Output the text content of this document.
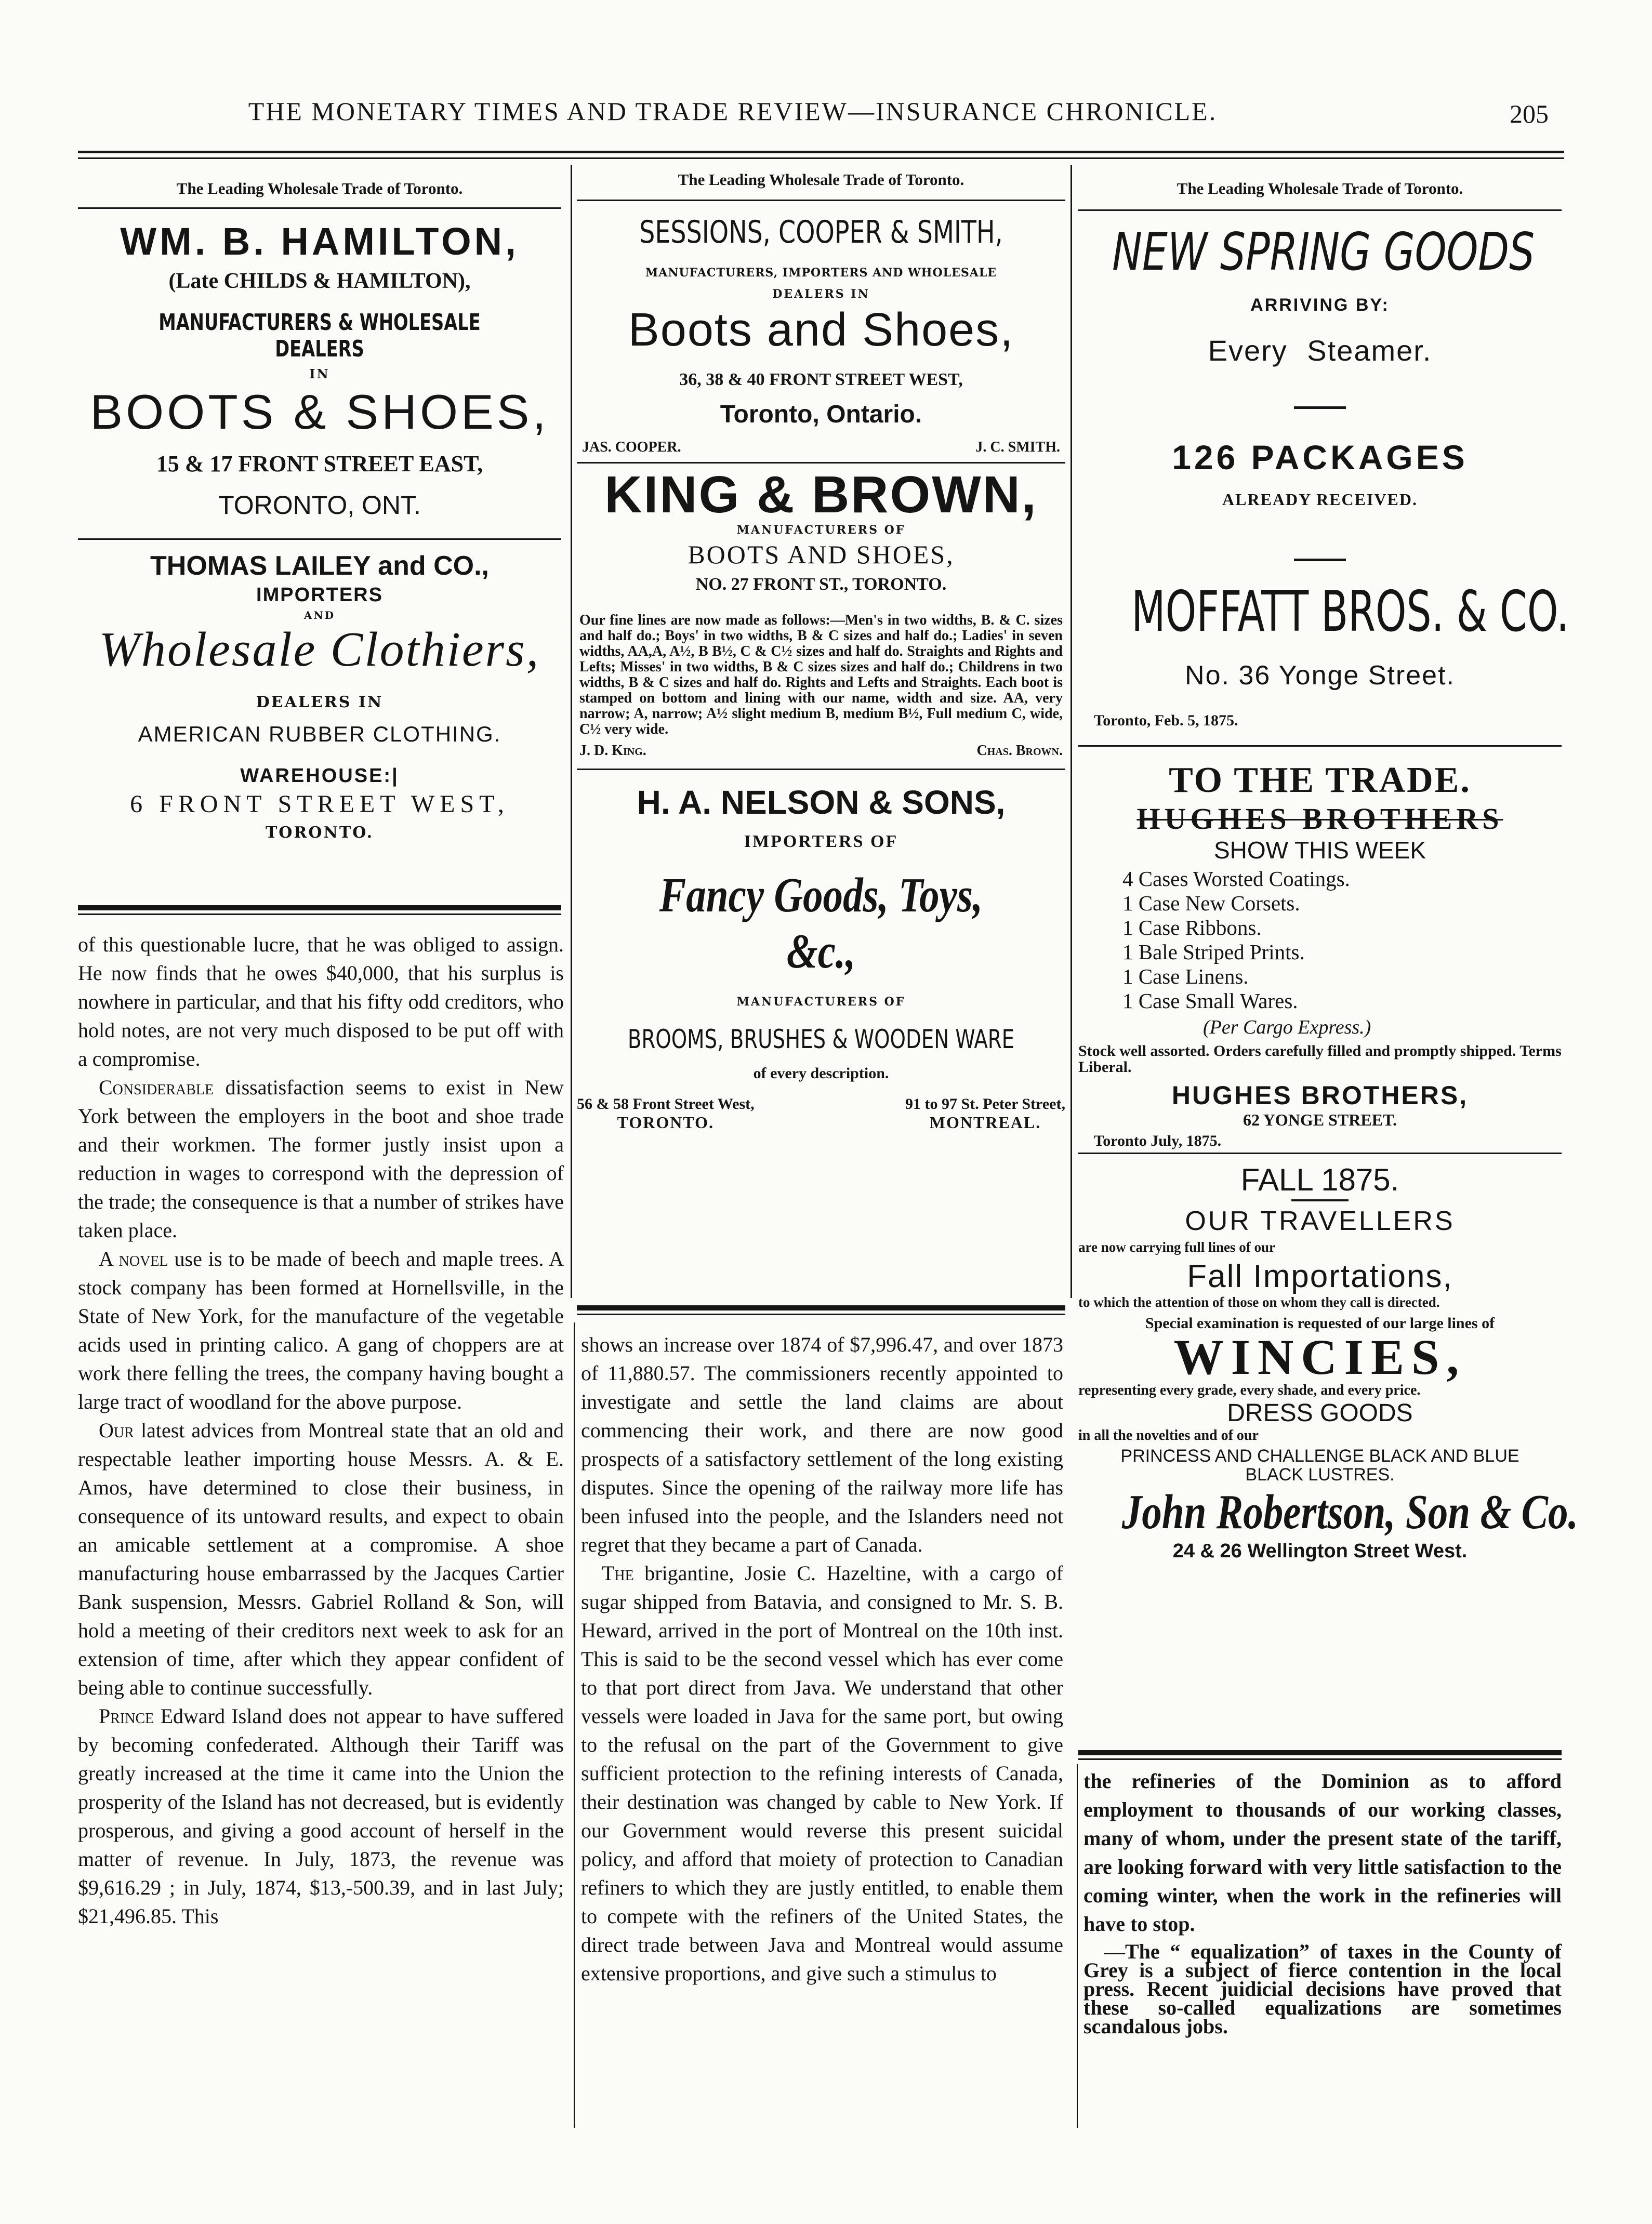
THE MONETARY TIMES AND TRADE REVIEW—INSURANCE CHRONICLE.	205
The Leading Wholesale Trade of Toronto.
WM. B. HAMILTON,
(Late CHILDS & HAMILTON),
MANUFACTURERS & WHOLESALE DEALERS
IN
BOOTS & SHOES,
15 & 17 FRONT STREET EAST,
TORONTO, ONT.
THOMAS LAILEY and CO.,
IMPORTERS
AND
Wholesale Clothiers,
DEALERS IN
AMERICAN RUBBER CLOTHING.
WAREHOUSE:|
6 FRONT STREET WEST,
TORONTO.

of this questionable lucre, that he was obliged to assign. He now finds that he owes $40,000, that his surplus is nowhere in particular, and that his fifty odd creditors, who hold notes, are not very much disposed to be put off with a compromise.

Considerable dissatisfaction seems to exist in New York between the employers in the boot and shoe trade and their workmen. The former justly insist upon a reduction in wages to correspond with the depression of the trade; the consequence is that a number of strikes have taken place.

A novel use is to be made of beech and maple trees. A stock company has been formed at Hornellsville, in the State of New York, for the manufacture of the vegetable acids used in printing calico. A gang of choppers are at work there felling the trees, the company having bought a large tract of woodland for the above purpose.

Our latest advices from Montreal state that an old and respectable leather importing house Messrs. A. & E. Amos, have determined to close their business, in consequence of its untoward results, and expect to obain an amicable settlement at a compromise. A shoe manufacturing house embarrassed by the Jacques Cartier Bank suspension, Messrs. Gabriel Rolland & Son, will hold a meeting of their creditors next week to ask for an extension of time, after which they appear confident of being able to continue successfully.

Prince Edward Island does not appear to have suffered by becoming confederated. Although their Tariff was greatly increased at the time it came into the Union the prosperity of the Island has not decreased, but is evidently prosperous, and giving a good account of herself in the matter of revenue. In July, 1873, the revenue was $9,616.29 ; in July, 1874, $13,-500.39, and in last July; $21,496.85. This

The Leading Wholesale Trade of Toronto.
SESSIONS, COOPER & SMITH,
MANUFACTURERS, IMPORTERS AND WHOLESALE
DEALERS IN
Boots and Shoes,
36, 38 & 40 FRONT STREET WEST,
Toronto, Ontario.
JAS. COOPER.	J. C. SMITH.
KING & BROWN,
MANUFACTURERS OF
BOOTS AND SHOES,
NO. 27 FRONT ST., TORONTO.
Our fine lines are now made as follows:—Men's in two widths, B. & C. sizes and half do.; Boys' in two widths, B & C sizes and half do.; Ladies' in seven widths, AA,A, A½, B B½, C & C½ sizes and half do. Straights and Rights and Lefts; Misses' in two widths, B & C sizes sizes and half do.; Childrens in two widths, B & C sizes and half do. Rights and Lefts and Straights. Each boot is stamped on bottom and lining with our name, width and size. AA, very narrow; A, narrow; A½ slight medium B, medium B½, Full medium C, wide, C½ very wide.
J. D. King.	Chas. Brown.
H. A. NELSON & SONS,
IMPORTERS OF
Fancy Goods, Toys, &c.,
MANUFACTURERS OF
BROOMS, BRUSHES & WOODEN WARE
of every description.
56 & 58 Front Street West,
TORONTO.
91 to 97 St. Peter Street,
MONTREAL.

shows an increase over 1874 of $7,996.47, and over 1873 of 11,880.57. The commissioners recently appointed to investigate and settle the land claims are about commencing their work, and there are now good prospects of a satisfactory settlement of the long existing disputes. Since the opening of the railway more life has been infused into the people, and the Islanders need not regret that they became a part of Canada.

The brigantine, Josie C. Hazeltine, with a cargo of sugar shipped from Batavia, and consigned to Mr. S. B. Heward, arrived in the port of Montreal on the 10th inst. This is said to be the second vessel which has ever come to that port direct from Java. We understand that other vessels were loaded in Java for the same port, but owing to the refusal on the part of the Government to give sufficient protection to the refining interests of Canada, their destination was changed by cable to New York. If our Government would reverse this present suicidal policy, and afford that moiety of protection to Canadian refiners to which they are justly entitled, to enable them to compete with the refiners of the United States, the direct trade between Java and Montreal would assume extensive proportions, and give such a stimulus to

The Leading Wholesale Trade of Toronto.
NEW SPRING GOODS
ARRIVING BY:
Every Steamer.
126 PACKAGES
ALREADY RECEIVED.
MOFFATT BROS. & CO.
No. 36 Yonge Street.
Toronto, Feb. 5, 1875.
TO THE TRADE.
HUGHES BROTHERS
SHOW THIS WEEK
4 Cases Worsted Coatings.
1 Case New Corsets.
1 Case Ribbons.
1 Bale Striped Prints.
1 Case Linens.
1 Case Small Wares.
(Per Cargo Express.)
Stock well assorted. Orders carefully filled and promptly shipped. Terms Liberal.
HUGHES BROTHERS,
62 YONGE STREET.
Toronto July, 1875.
FALL 1875.
OUR TRAVELLERS
are now carrying full lines of our
Fall Importations,
to which the attention of those on whom they call is directed.
Special examination is requested of our large lines of
WINCIES,
representing every grade, every shade, and every price.
DRESS GOODS
in all the novelties and of our
PRINCESS AND CHALLENGE BLACK AND BLUE BLACK LUSTRES.
John Robertson, Son & Co.
24 & 26 Wellington Street West.

the refineries of the Dominion as to afford employment to thousands of our working classes, many of whom, under the present state of the tariff, are looking forward with very little satisfaction to the coming winter, when the work in the refineries will have to stop.

—The “ equalization” of taxes in the County of Grey is a subject of fierce contention in the local press. Recent juidicial decisions have proved that these so-called equalizations are sometimes scandalous jobs.
